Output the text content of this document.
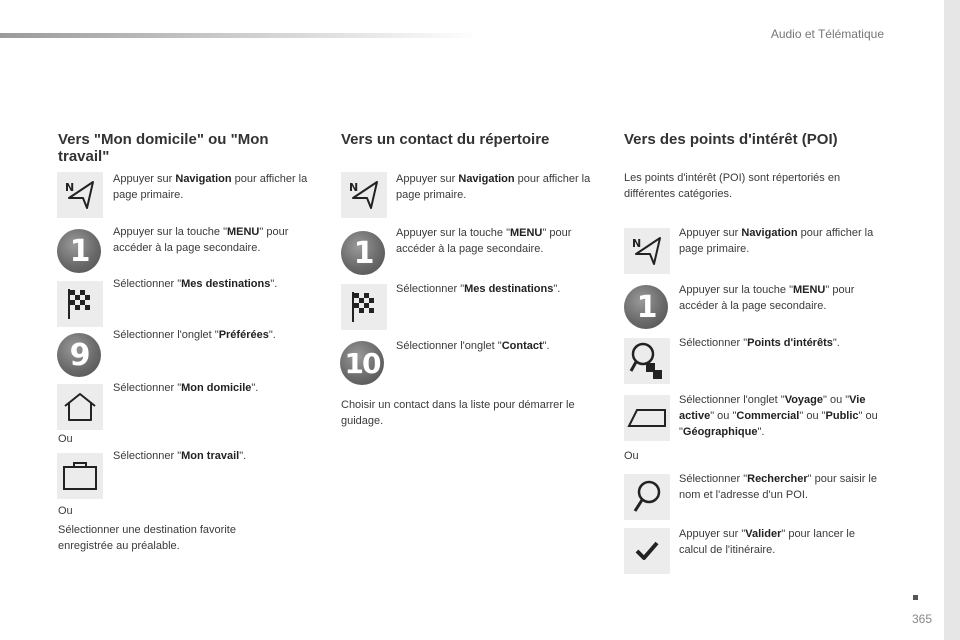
Audio et Télématique
Vers "Mon domicile" ou "Mon travail"
N
Appuyer sur Navigation pour afficher la page primaire.
1
Appuyer sur la touche "MENU" pour accéder à la page secondaire.
Sélectionner "Mes destinations".
9
Sélectionner l'onglet "Préférées".
Sélectionner "Mon domicile".
Ou
Sélectionner "Mon travail".
Ou
Sélectionner une destination favorite enregistrée au préalable.
Vers un contact du répertoire
N
Appuyer sur Navigation pour afficher la page primaire.
1
Appuyer sur la touche "MENU" pour accéder à la page secondaire.
Sélectionner "Mes destinations".
10
Sélectionner l'onglet "Contact".
Choisir un contact dans la liste pour démarrer le guidage.
Vers des points d'intérêt (POI)
Les points d'intérêt (POI) sont répertoriés en différentes catégories.
N
Appuyer sur Navigation pour afficher la page primaire.
1	Appuyer sur la touche "MENU" pour accéder à la page secondaire.
Sélectionner "Points d'intérêts".
Sélectionner l'onglet "Voyage" ou "Vie active" ou "Commercial" ou "Public" ou "Géographique".
Ou
Sélectionner "Rechercher" pour saisir le nom et l'adresse d'un POI.
Appuyer sur "Valider" pour lancer le calcul de l'itinéraire.
365
